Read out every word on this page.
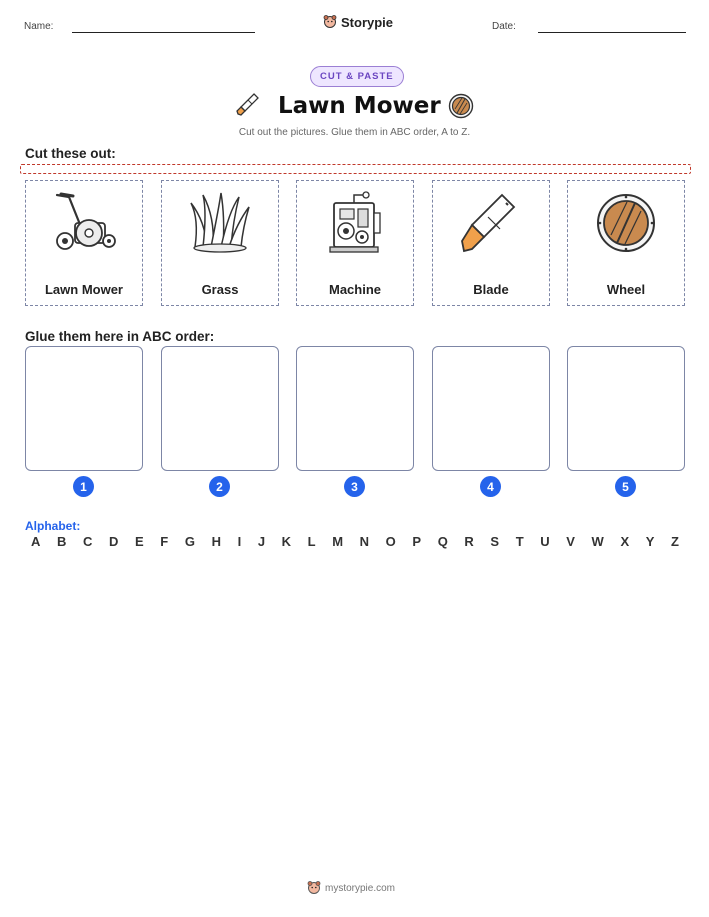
Name:	Storypie	Date:
CUT & PASTE
Lawn Mower
Cut out the pictures. Glue them in ABC order, A to Z.
Cut these out:
Lawn Mower	Grass	Machine	Blade	Wheel
Glue them here in ABC order:
1	2	3	4	5
Alphabet:
A B C D E F G H I J K L M N O P Q R S T U V W X Y Z
mystorypie.com
